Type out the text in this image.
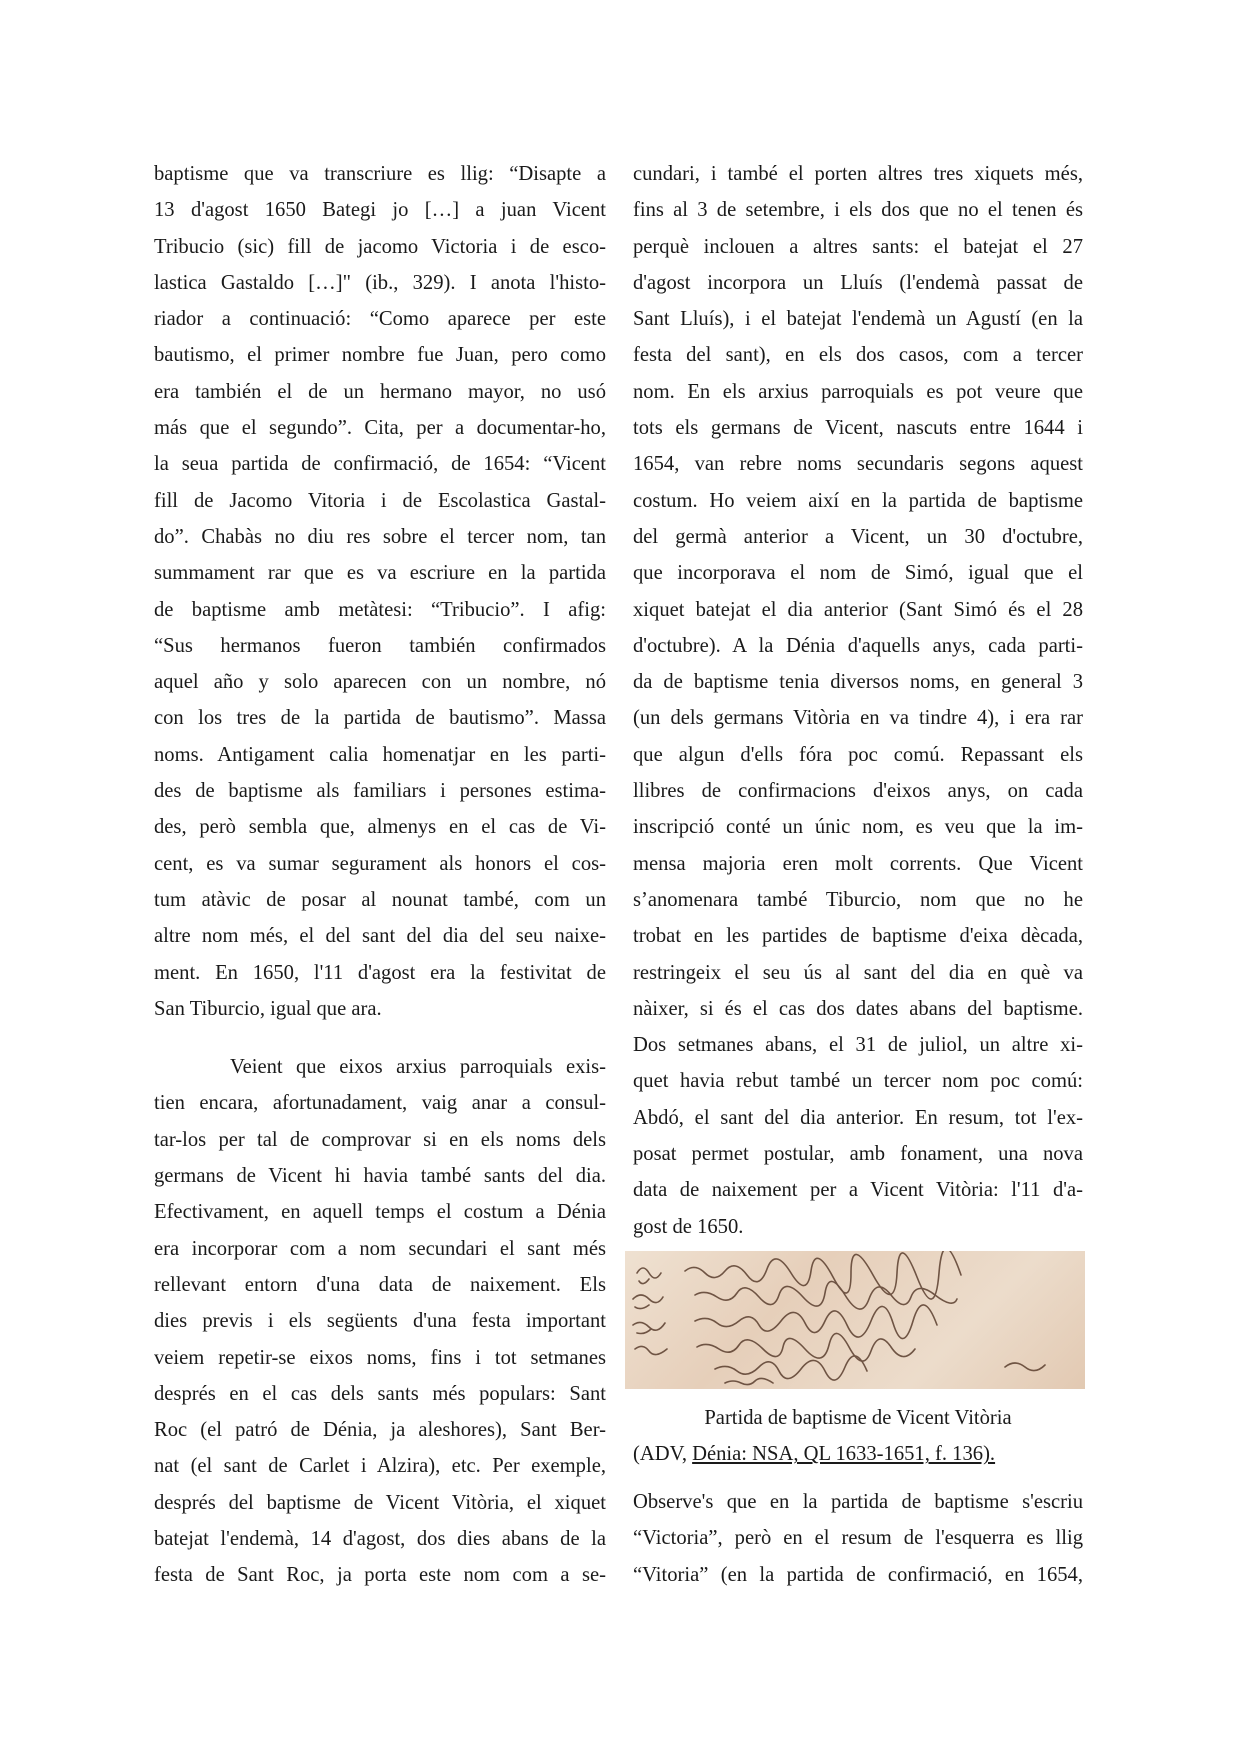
baptisme que va transcriure es llig: “Disapte a
13 d'agost 1650 Bategi jo […] a juan Vicent
Tribucio (sic) fill de jacomo Victoria i de esco-
lastica Gastaldo […]" (ib., 329). I anota l'histo-
riador a continuació: “Como aparece per este
bautismo, el primer nombre fue Juan, pero como
era también el de un hermano mayor, no usó
más que el segundo”. Cita, per a documentar-ho,
la seua partida de confirmació, de 1654: “Vicent
fill de Jacomo Vitoria i de Escolastica Gastal-
do”. Chabàs no diu res sobre el tercer nom, tan
summament rar que es va escriure en la partida
de baptisme amb metàtesi: “Tribucio”. I afig:
“Sus hermanos fueron también confirmados
aquel año y solo aparecen con un nombre, nó
con los tres de la partida de bautismo”. Massa
noms. Antigament calia homenatjar en les parti-
des de baptisme als familiars i persones estima-
des, però sembla que, almenys en el cas de Vi-
cent, es va sumar segurament als honors el cos-
tum atàvic de posar al nounat també, com un
altre nom més, el del sant del dia del seu naixe-
ment. En 1650, l'11 d'agost era la festivitat de
San Tiburcio, igual que ara.
Veient que eixos arxius parroquials exis-
tien encara, afortunadament, vaig anar a consul-
tar-los per tal de comprovar si en els noms dels
germans de Vicent hi havia també sants del dia.
Efectivament, en aquell temps el costum a Dénia
era incorporar com a nom secundari el sant més
rellevant entorn d'una data de naixement. Els
dies previs i els següents d'una festa important
veiem repetir-se eixos noms, fins i tot setmanes
després en el cas dels sants més populars: Sant
Roc (el patró de Dénia, ja aleshores), Sant Ber-
nat (el sant de Carlet i Alzira), etc. Per exemple,
després del baptisme de Vicent Vitòria, el xiquet
batejat l'endemà, 14 d'agost, dos dies abans de la
festa de Sant Roc, ja porta este nom com a se-
cundari, i també el porten altres tres xiquets més,
fins al 3 de setembre, i els dos que no el tenen és
perquè inclouen a altres sants: el batejat el 27
d'agost incorpora un Lluís (l'endemà passat de
Sant Lluís), i el batejat l'endemà un Agustí (en la
festa del sant), en els dos casos, com a tercer
nom. En els arxius parroquials es pot veure que
tots els germans de Vicent, nascuts entre 1644 i
1654, van rebre noms secundaris segons aquest
costum. Ho veiem així en la partida de baptisme
del germà anterior a Vicent, un 30 d'octubre,
que incorporava el nom de Simó, igual que el
xiquet batejat el dia anterior (Sant Simó és el 28
d'octubre). A la Dénia d'aquells anys, cada parti-
da de baptisme tenia diversos noms, en general 3
(un dels germans Vitòria en va tindre 4), i era rar
que algun d'ells fóra poc comú. Repassant els
llibres de confirmacions d'eixos anys, on cada
inscripció conté un únic nom, es veu que la im-
mensa majoria eren molt corrents. Que Vicent
s’anomenara també Tiburcio, nom que no he
trobat en les partides de baptisme d'eixa dècada,
restringeix el seu ús al sant del dia en què va
nàixer, si és el cas dos dates abans del baptisme.
Dos setmanes abans, el 31 de juliol, un altre xi-
quet havia rebut també un tercer nom poc comú:
Abdó, el sant del dia anterior. En resum, tot l'ex-
posat permet postular, amb fonament, una nova
data de naixement per a Vicent Vitòria: l'11 d'a-
gost de 1650.
Partida de baptisme de Vicent Vitòria
(ADV, Dénia: NSA, QL 1633-1651, f. 136).
Observe's que en la partida de baptisme s'escriu
“Victoria”, però en el resum de l'esquerra es llig
“Vitoria” (en la partida de confirmació, en 1654,
